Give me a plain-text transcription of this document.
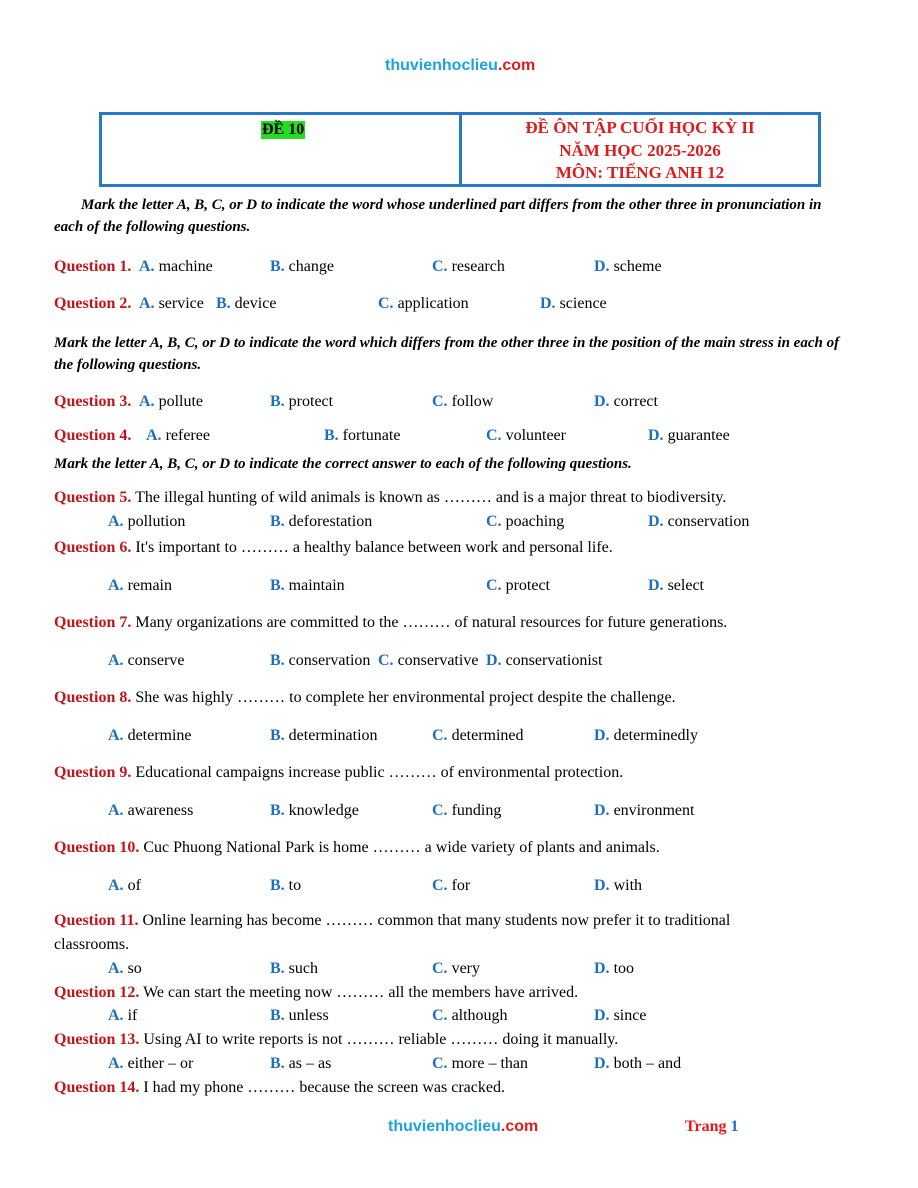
thuvienhoclieu.com
ĐỀ 10	ĐỀ ÔN TẬP CUỐI HỌC KỲ II
NĂM HỌC 2025-2026
MÔN: TIẾNG ANH 12
Mark the letter A, B, C, or D to indicate the word whose underlined part differs from the other three in pronunciation in each of the following questions.
Question 1. A. machine	B. change	C. research	D. scheme
Question 2. A. service B. device	C. application	D. science
Question 3. A. pollute	B. protect	C. follow	D. correct
Question 4. A. referee	B. fortunate	C. volunteer	D. guarantee
Question 5. The illegal hunting of wild animals is known as ……… and is a major threat to biodiversity.
A. pollution	B. deforestation	C. poaching	D. conservation
Question 6. It's important to ……… a healthy balance between work and personal life.
A. remain	B. maintain	C. protect	D. select
Question 7. Many organizations are committed to the ……… of natural resources for future generations.
A. conserve	B. conservation C. conservative D. conservationist
Question 8. She was highly ……… to complete her environmental project despite the challenge.
A. determine	B. determination	C. determined	D. determinedly
Question 9. Educational campaigns increase public ……… of environmental protection.
A. awareness	B. knowledge	C. funding	D. environment
Question 10. Cuc Phuong National Park is home ……… a wide variety of plants and animals.
A. of	B. to	C. for	D. with
Question 11. Online learning has become ……… common that many students now prefer it to traditional
classrooms.
A. so	B. such	C. very	D. too
Question 12. We can start the meeting now ……… all the members have arrived.
A. if	B. unless	C. although	D. since
Question 13. Using AI to write reports is not ……… reliable ……… doing it manually.
A. either – or	B. as – as	C. more – than	D. both – and
Question 14. I had my phone ……… because the screen was cracked.
Mark the letter A, B, C, or D to indicate the word which differs from the other three in the position of the main stress in each of the following questions.
Mark the letter A, B, C, or D to indicate the correct answer to each of the following questions.
thuvienhoclieu.com	Trang 1
